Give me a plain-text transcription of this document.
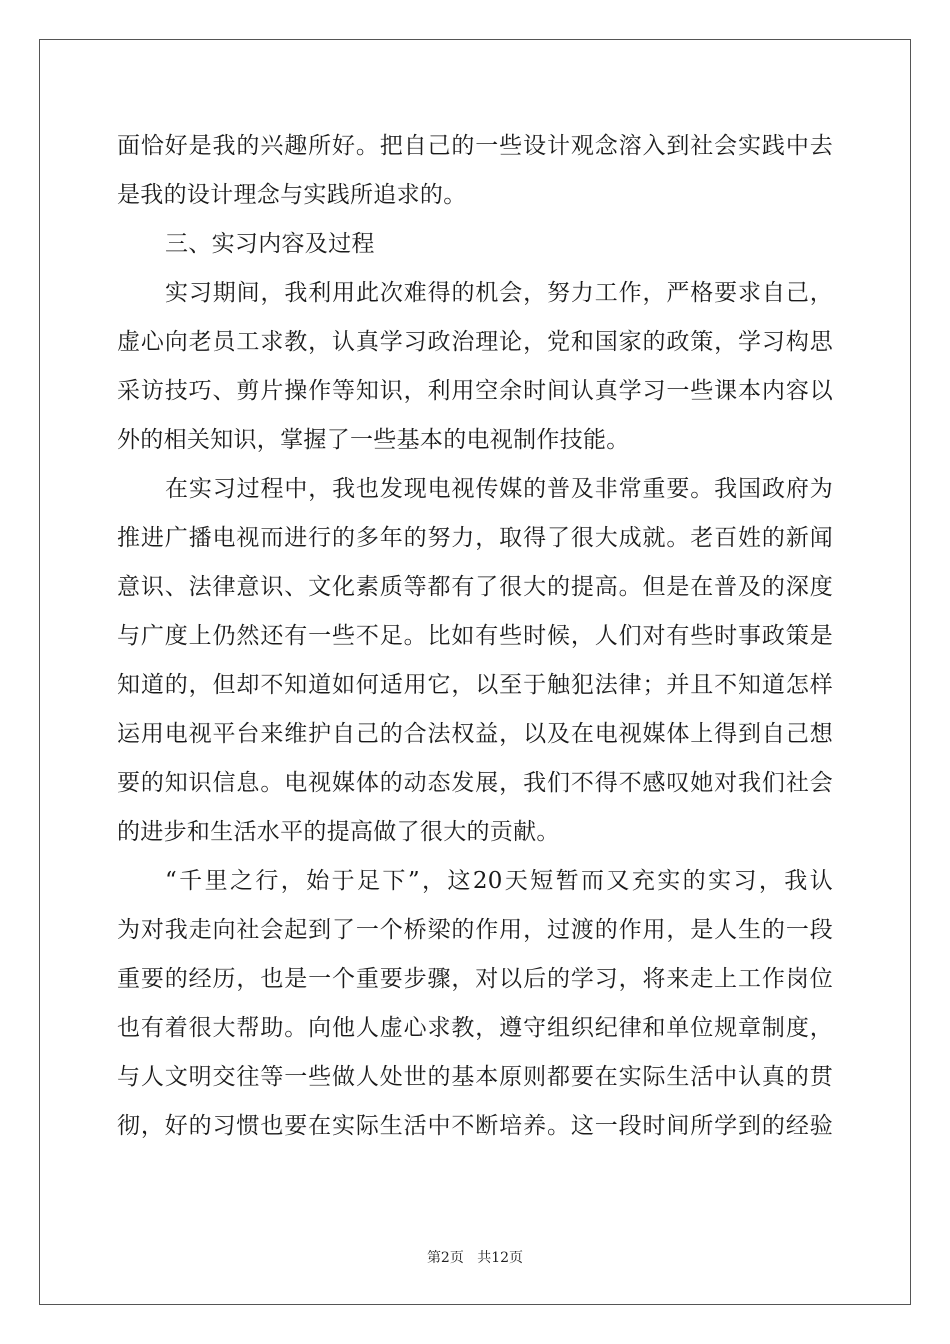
面恰好是我的兴趣所好。把自己的一些设计观念溶入到社会实践中去
是我的设计理念与实践所追求的。
三、实习内容及过程
实习期间，我利用此次难得的机会，努力工作，严格要求自己，
虚心向老员工求教，认真学习政治理论，党和国家的政策，学习构思
采访技巧、剪片操作等知识，利用空余时间认真学习一些课本内容以
外的相关知识，掌握了一些基本的电视制作技能。
在实习过程中，我也发现电视传媒的普及非常重要。我国政府为
推进广播电视而进行的多年的努力，取得了很大成就。老百姓的新闻
意识、法律意识、文化素质等都有了很大的提高。但是在普及的深度
与广度上仍然还有一些不足。比如有些时候，人们对有些时事政策是
知道的，但却不知道如何适用它，以至于触犯法律；并且不知道怎样
运用电视平台来维护自己的合法权益，以及在电视媒体上得到自己想
要的知识信息。电视媒体的动态发展，我们不得不感叹她对我们社会
的进步和生活水平的提高做了很大的贡献。
“千里之行，始于足下”，这20天短暂而又充实的实习，我认
为对我走向社会起到了一个桥梁的作用，过渡的作用，是人生的一段
重要的经历，也是一个重要步骤，对以后的学习，将来走上工作岗位
也有着很大帮助。向他人虚心求教，遵守组织纪律和单位规章制度，
与人文明交往等一些做人处世的基本原则都要在实际生活中认真的贯
彻，好的习惯也要在实际生活中不断培养。这一段时间所学到的经验
第2页 共12页
